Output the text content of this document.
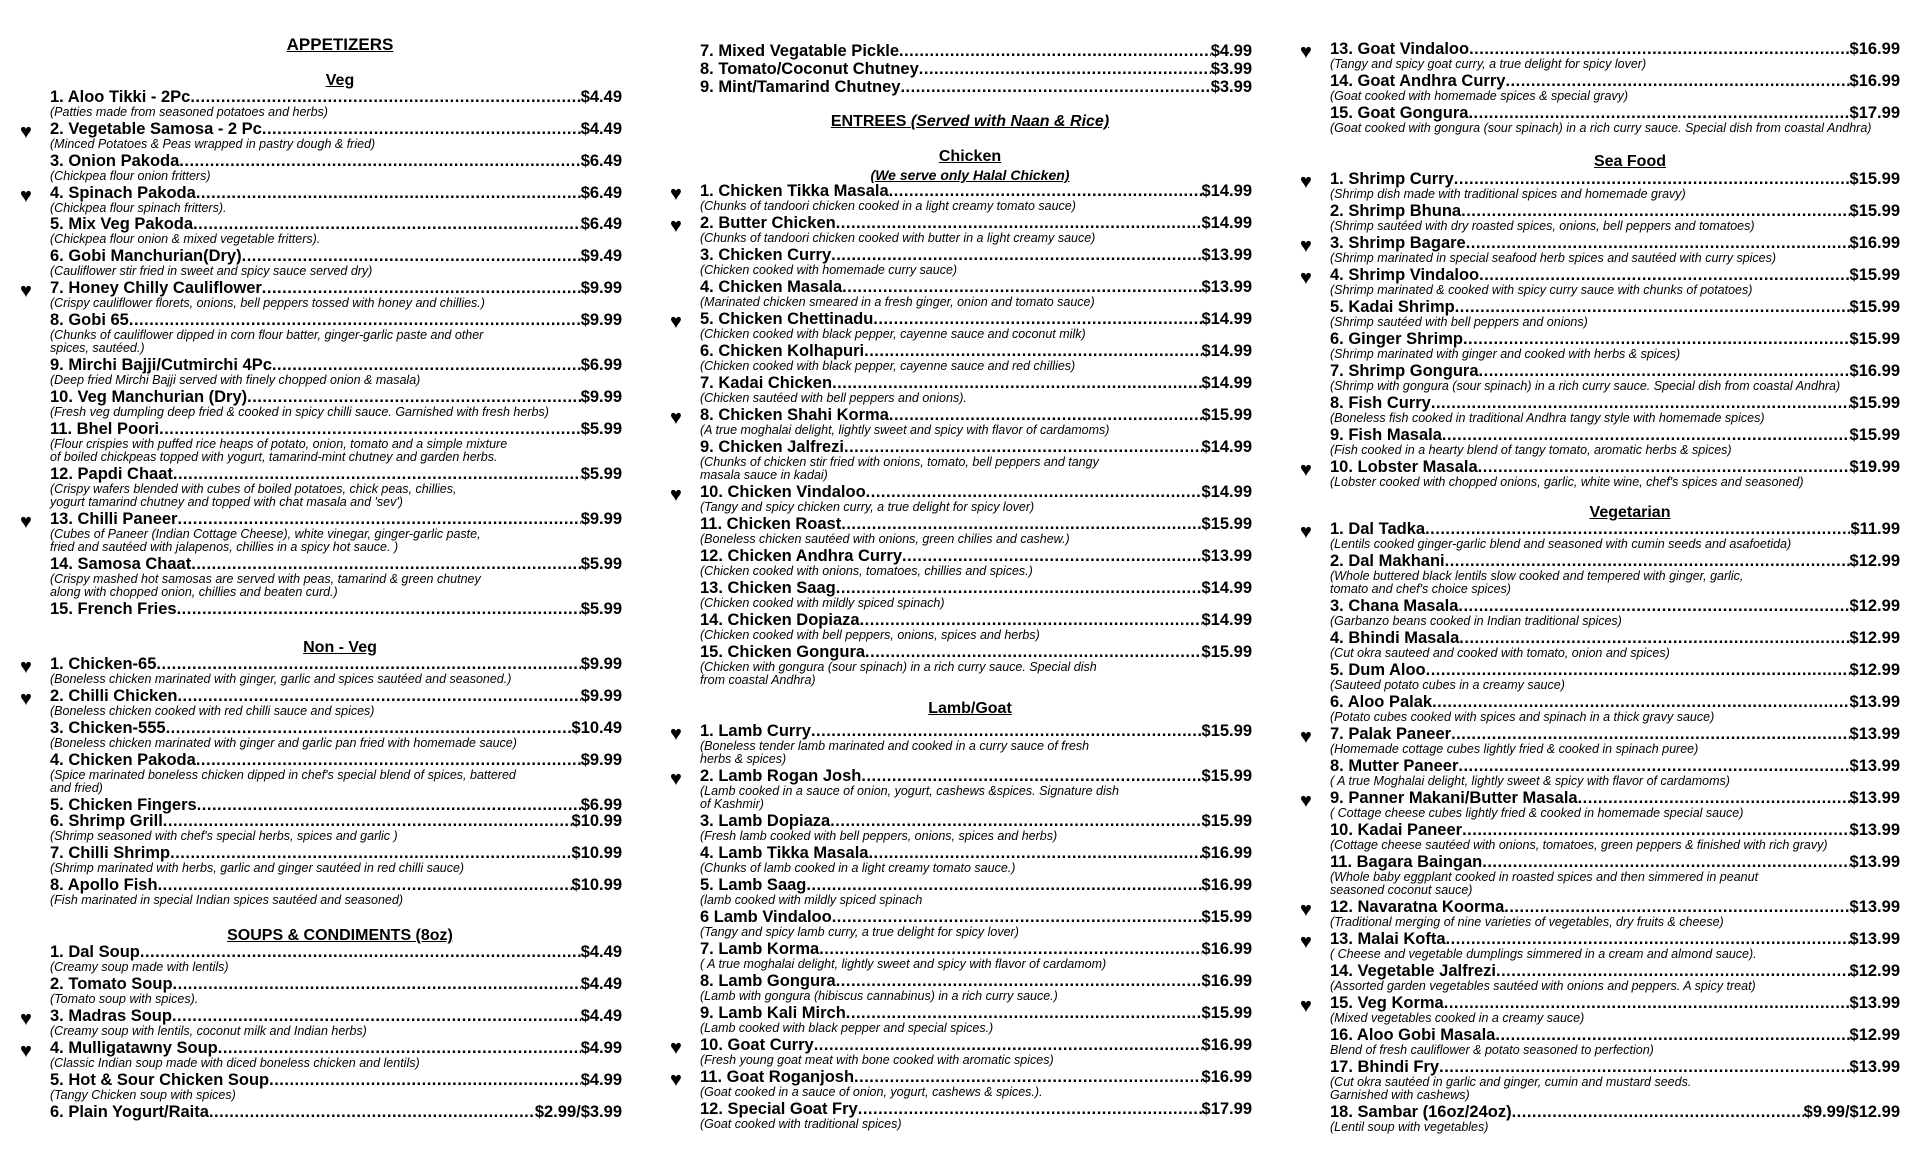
APPETIZERS
Veg
1. Aloo Tikki - 2Pc .....	$4.49
(Patties made from seasoned potatoes and herbs)
2. Vegetable Samosa - 2 Pc .....	$4.49
(Minced Potatoes & Peas wrapped in pastry dough & fried)
♥
3. Onion Pakoda .....	$6.49
(Chickpea flour onion fritters)
4. Spinach Pakoda .....	$6.49
(Chickpea flour spinach fritters).
♥
5. Mix Veg Pakoda .....	$6.49
(Chickpea flour onion & mixed vegetable fritters).
6. Gobi Manchurian(Dry) .....	$9.49
(Cauliflower stir fried in sweet and spicy sauce served dry)
7. Honey Chilly Cauliflower .....	$9.99
(Crispy cauliflower florets, onions, bell peppers tossed with honey and chillies.)
♥
8. Gobi 65 .....	$9.99
(Chunks of cauliflower dipped in corn flour batter, ginger-garlic paste and other
spices, sautéed.)
9. Mirchi Bajji/Cutmirchi 4Pc .....	$6.99
(Deep fried Mirchi Bajji served with finely chopped onion & masala)
10. Veg Manchurian (Dry) .....	$9.99
(Fresh veg dumpling deep fried & cooked in spicy chilli sauce. Garnished with fresh herbs)
11. Bhel Poori .....	$5.99
(Flour crispies with puffed rice heaps of potato, onion, tomato and a simple mixture
of boiled chickpeas topped with yogurt, tamarind-mint chutney and garden herbs.
12. Papdi Chaat .....	$5.99
(Crispy wafers blended with cubes of boiled potatoes, chick peas, chillies,
yogurt tamarind chutney and topped with chat masala and 'sev')
13. Chilli Paneer .....	$9.99
(Cubes of Paneer (Indian Cottage Cheese), white vinegar, ginger-garlic paste,
fried and sautéed with jalapenos, chillies in a spicy hot sauce. )
♥
14. Samosa Chaat .....	$5.99
(Crispy mashed hot samosas are served with peas, tamarind & green chutney
along with chopped onion, chillies and beaten curd.)
15. French Fries .....	$5.99
Non - Veg
1. Chicken-65 .....	$9.99
(Boneless chicken marinated with ginger, garlic and spices sautéed and seasoned.)
♥
2. Chilli Chicken .....	$9.99
(Boneless chicken cooked with red chilli sauce and spices)
♥
3. Chicken-555 .....	$10.49
(Boneless chicken marinated with ginger and garlic pan fried with homemade sauce)
4. Chicken Pakoda .....	$9.99
(Spice marinated boneless chicken dipped in chef's special blend of spices, battered
and fried)
5. Chicken Fingers .....	$6.99
6. Shrimp Grill .....	$10.99
(Shrimp seasoned with chef's special herbs, spices and garlic )
7. Chilli Shrimp .....	$10.99
(Shrimp marinated with herbs, garlic and ginger sautéed in red chilli sauce)
8. Apollo Fish .....	$10.99
(Fish marinated in special Indian spices sautéed and seasoned)
SOUPS & CONDIMENTS (8oz)
1. Dal Soup .....	$4.49
(Creamy soup made with lentils)
2. Tomato Soup .....	$4.49
(Tomato soup with spices).
3. Madras Soup .....	$4.49
(Creamy soup with lentils, coconut milk and Indian herbs)
♥
4. Mulligatawny Soup .....	$4.99
(Classic Indian soup made with diced boneless chicken and lentils)
♥
5. Hot & Sour Chicken Soup .....	$4.99
(Tangy Chicken soup with spices)
6. Plain Yogurt/Raita .....	$2.99/$3.99
7. Mixed Vegatable Pickle .....	$4.99
8. Tomato/Coconut Chutney .....	$3.99
9. Mint/Tamarind Chutney .....	$3.99
ENTREES (Served with Naan & Rice)
Chicken
(We serve only Halal Chicken)
1. Chicken Tikka Masala .....	$14.99
(Chunks of tandoori chicken cooked in a light creamy tomato sauce)
♥
2. Butter Chicken .....	$14.99
(Chunks of tandoori chicken cooked with butter in a light creamy sauce)
♥
3. Chicken Curry .....	$13.99
(Chicken cooked with homemade curry sauce)
4. Chicken Masala .....	$13.99
(Marinated chicken smeared in a fresh ginger, onion and tomato sauce)
5. Chicken Chettinadu .....	$14.99
(Chicken cooked with black pepper, cayenne sauce and coconut milk)
♥
6. Chicken Kolhapuri .....	$14.99
(Chicken cooked with black pepper, cayenne sauce and red chillies)
7. Kadai Chicken .....	$14.99
(Chicken sautéed with bell peppers and onions).
8. Chicken Shahi Korma .....	$15.99
(A true moghalai delight, lightly sweet and spicy with flavor of cardamoms)
♥
9. Chicken Jalfrezi .....	$14.99
(Chunks of chicken stir fried with onions, tomato, bell peppers and tangy
masala sauce in kadai)
10. Chicken Vindaloo .....	$14.99
(Tangy and spicy chicken curry, a true delight for spicy lover)
♥
11. Chicken Roast .....	$15.99
(Boneless chicken sautéed with onions, green chilies and cashew.)
12. Chicken Andhra Curry .....	$13.99
(Chicken cooked with onions, tomatoes, chillies and spices.)
13. Chicken Saag .....	$14.99
(Chicken cooked with mildly spiced spinach)
14. Chicken Dopiaza .....	$14.99
(Chicken cooked with bell peppers, onions, spices and herbs)
15. Chicken Gongura .....	$15.99
(Chicken with gongura (sour spinach) in a rich curry sauce. Special dish
from coastal Andhra)
Lamb/Goat
1. Lamb Curry .....	$15.99
(Boneless tender lamb marinated and cooked in a curry sauce of fresh
herbs & spices)
♥
2. Lamb Rogan Josh .....	$15.99
(Lamb cooked in a sauce of onion, yogurt, cashews &spices. Signature dish
of Kashmir)
♥
3. Lamb Dopiaza .....	$15.99
(Fresh lamb cooked with bell peppers, onions, spices and herbs)
4. Lamb Tikka Masala .....	$16.99
(Chunks of lamb cooked in a light creamy tomato sauce.)
5. Lamb Saag .....	$16.99
(lamb cooked with mildly spiced spinach
6 Lamb Vindaloo .....	$15.99
(Tangy and spicy lamb curry, a true delight for spicy lover)
7. Lamb Korma .....	$16.99
( A true moghalai delight, lightly sweet and spicy with flavor of cardamom)
8. Lamb Gongura .....	$16.99
(Lamb with gongura (hibiscus cannabinus) in a rich curry sauce.)
9. Lamb Kali Mirch .....	$15.99
(Lamb cooked with black pepper and special spices.)
10. Goat Curry .....	$16.99
(Fresh young goat meat with bone cooked with aromatic spices)
♥
11. Goat Roganjosh .....	$16.99
(Goat cooked in a sauce of onion, yogurt, cashews & spices.).
♥
12. Special Goat Fry .....	$17.99
(Goat cooked with traditional spices)
13. Goat Vindaloo .....	$16.99
(Tangy and spicy goat curry, a true delight for spicy lover)
♥
14. Goat Andhra Curry .....	$16.99
(Goat cooked with homemade spices & special gravy)
15. Goat Gongura .....	$17.99
(Goat cooked with gongura (sour spinach) in a rich curry sauce. Special dish from coastal Andhra)
Sea Food
1. Shrimp Curry .....	$15.99
(Shrimp dish made with traditional spices and homemade gravy)
♥
2. Shrimp Bhuna .....	$15.99
(Shrimp sautéed with dry roasted spices, onions, bell peppers and tomatoes)
3. Shrimp Bagare .....	$16.99
(Shrimp marinated in special seafood herb spices and sautéed with curry spices)
♥
4. Shrimp Vindaloo .....	$15.99
(Shrimp marinated & cooked with spicy curry sauce with chunks of potatoes)
♥
5. Kadai Shrimp .....	$15.99
(Shrimp sautéed with bell peppers and onions)
6. Ginger Shrimp .....	$15.99
(Shrimp marinated with ginger and cooked with herbs & spices)
7. Shrimp Gongura .....	$16.99
(Shrimp with gongura (sour spinach) in a rich curry sauce. Special dish from coastal Andhra)
8. Fish Curry .....	$15.99
(Boneless fish cooked in traditional Andhra tangy style with homemade spices)
9. Fish Masala .....	$15.99
(Fish cooked in a hearty blend of tangy tomato, aromatic herbs & spices)
10. Lobster Masala .....	$19.99
(Lobster cooked with chopped onions, garlic, white wine, chef's spices and seasoned)
♥
Vegetarian
1. Dal Tadka .....	$11.99
(Lentils cooked ginger-garlic blend and seasoned with cumin seeds and asafoetida)
♥
2. Dal Makhani .....	$12.99
(Whole buttered black lentils slow cooked and tempered with ginger, garlic,
tomato and chef's choice spices)
3. Chana Masala .....	$12.99
(Garbanzo beans cooked in Indian traditional spices)
4. Bhindi Masala .....	$12.99
(Cut okra sauteed and cooked with tomato, onion and spices)
5. Dum Aloo .....	$12.99
(Sauteed potato cubes in a creamy sauce)
6. Aloo Palak .....	$13.99
(Potato cubes cooked with spices and spinach in a thick gravy sauce)
7. Palak Paneer .....	$13.99
(Homemade cottage cubes lightly fried & cooked in spinach puree)
♥
8. Mutter Paneer .....	$13.99
( A true Moghalai delight, lightly sweet & spicy with flavor of cardamoms)
9. Panner Makani/Butter Masala .....	$13.99
( Cottage cheese cubes lightly fried & cooked in homemade special sauce)
♥
10. Kadai Paneer .....	$13.99
(Cottage cheese sautéed with onions, tomatoes, green peppers & finished with rich gravy)
11. Bagara Baingan .....	$13.99
(Whole baby eggplant cooked in roasted spices and then simmered in peanut
seasoned coconut sauce)
12. Navaratna Koorma .....	$13.99
(Traditional merging of nine varieties of vegetables, dry fruits & cheese)
♥
13. Malai Kofta .....	$13.99
( Cheese and vegetable dumplings simmered in a cream and almond sauce).
♥
14. Vegetable Jalfrezi .....	$12.99
(Assorted garden vegetables sautéed with onions and peppers. A spicy treat)
15. Veg Korma .....	$13.99
(Mixed vegetables cooked in a creamy sauce)
♥
16. Aloo Gobi Masala .....	$12.99
Blend of fresh cauliflower & potato seasoned to perfection)
17. Bhindi Fry .....	$13.99
(Cut okra sautéed in garlic and ginger, cumin and mustard seeds.
Garnished with cashews)
18. Sambar (16oz/24oz) .....	$9.99/$12.99
(Lentil soup with vegetables)
